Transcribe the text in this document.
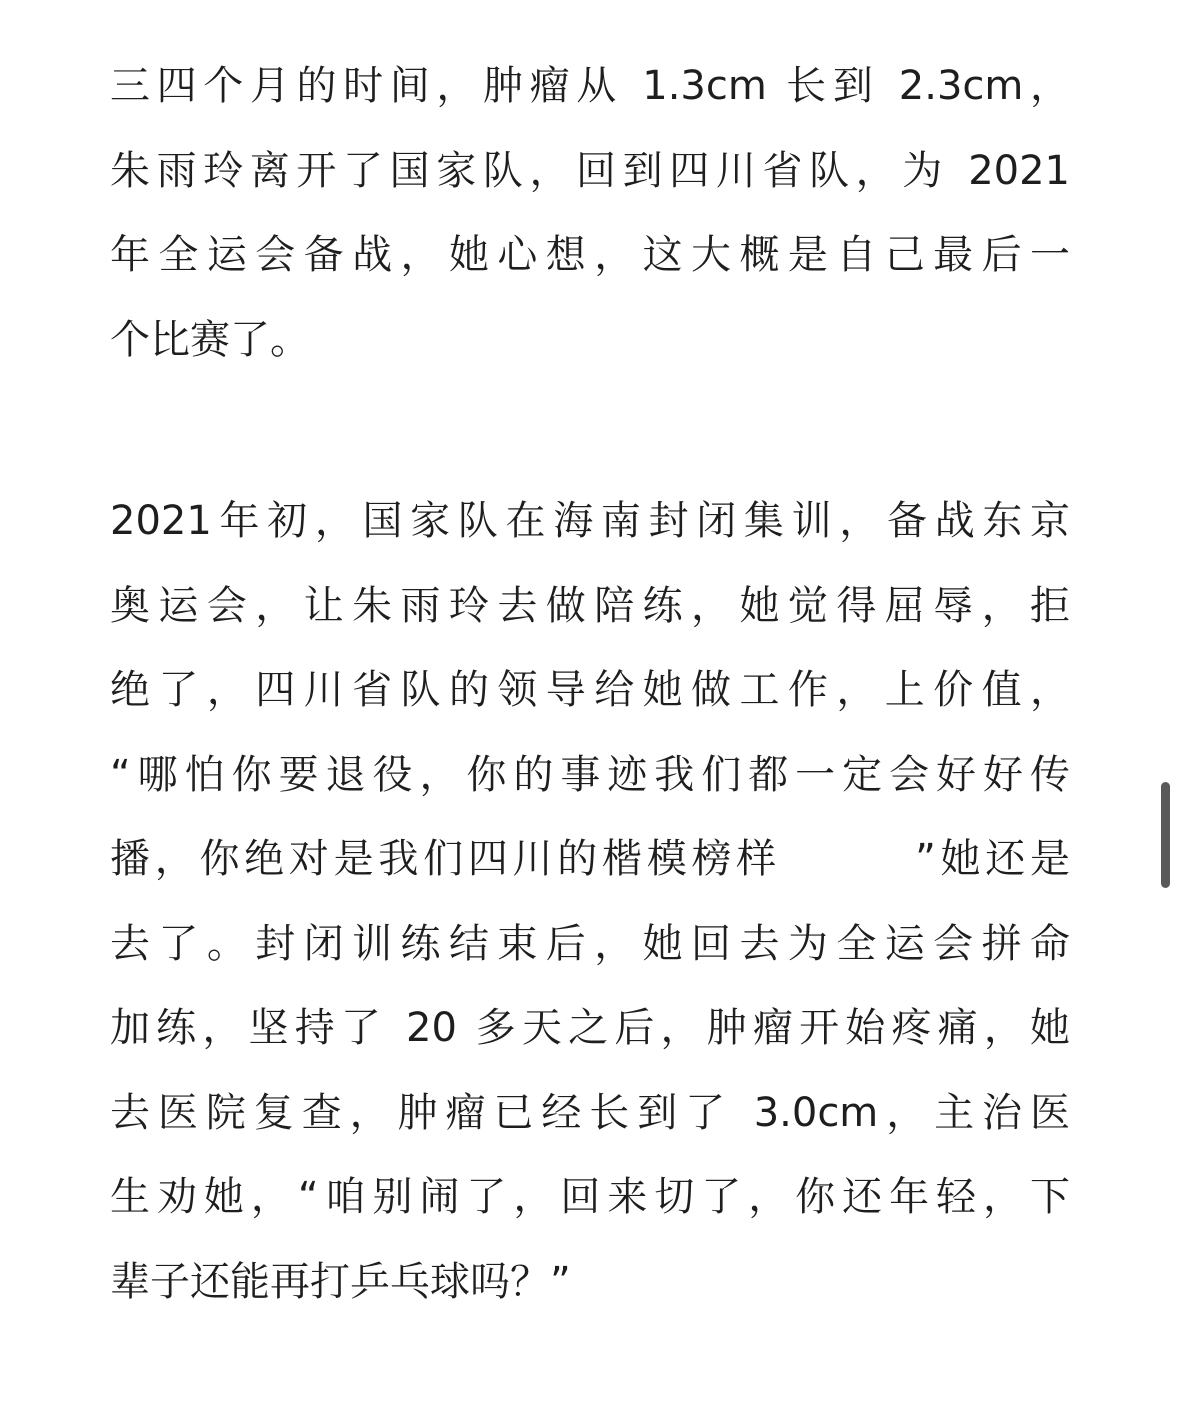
三四个月的时间，肿瘤从 1.3cm 长到 2.3cm，
朱雨玲离开了国家队，回到四川省队，为 2021
年全运会备战，她心想，这大概是自己最后一
个比赛了。
2021年初，国家队在海南封闭集训，备战东京
奥运会，让朱雨玲去做陪练，她觉得屈辱，拒
绝了，四川省队的领导给她做工作，上价值，
“哪怕你要退役，你的事迹我们都一定会好好传
播，你绝对是我们四川的楷模榜样　　　”她还是
去了。封闭训练结束后，她回去为全运会拼命
加练，坚持了 20 多天之后，肿瘤开始疼痛，她
去医院复查，肿瘤已经长到了 3.0cm，主治医
生劝她，“咱别闹了，回来切了，你还年轻，下
辈子还能再打乒乓球吗？”
